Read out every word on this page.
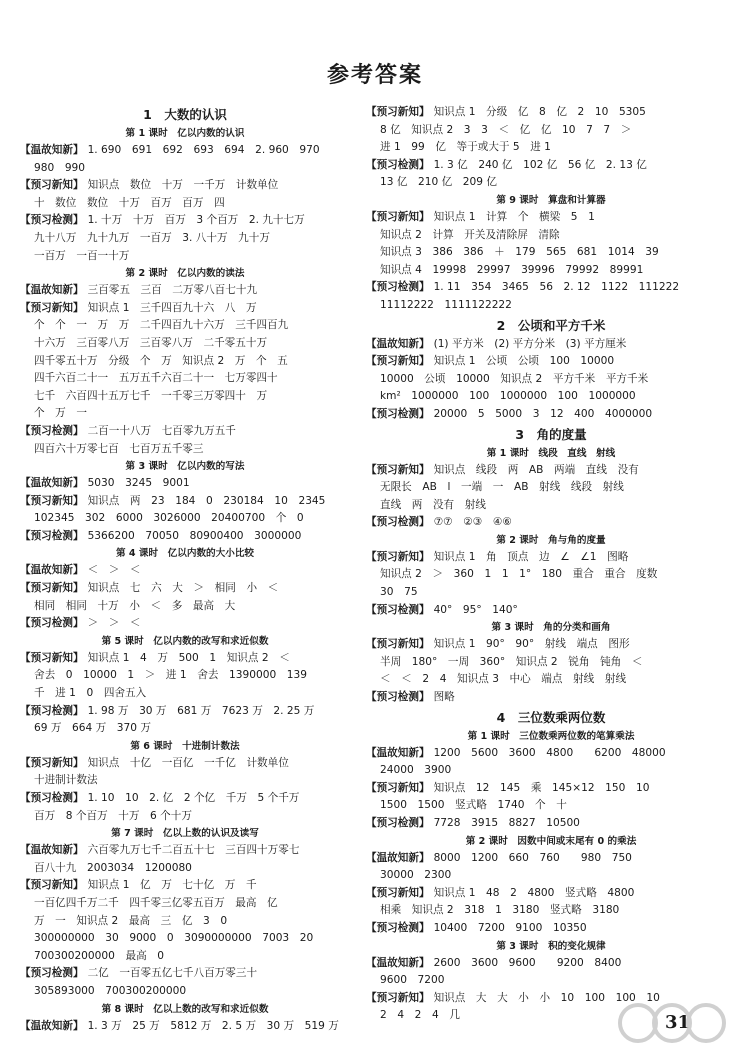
参考答案
1　大数的认识
第 1 课时　亿以内数的认识
【温故知新】 1. 690　691　692　693　694　2. 960　970
980　990
【预习新知】 知识点　数位　十万　一千万　计数单位
十　数位　数位　十万　百万　百万　四
【预习检测】 1. 十万　十万　百万　3 个百万　2. 九十七万
九十八万　九十九万　一百万　3. 八十万　九十万
一百万　一百一十万
第 2 课时　亿以内数的读法
【温故知新】 三百零五　三百　二万零八百七十九
【预习新知】 知识点 1　三千四百九十六　八　万
个　个　一　万　万　二千四百九十六万　三千四百九
十六万　三百零八万　三百零八万　二千零五十万
四千零五十万　分级　个　万　知识点 2　万　个　五
四千六百二十一　五万五千六百二十一　七万零四十
七千　六百四十五万七千　一千零三万零四十　万
个　万　一
【预习检测】 二百一十八万　七百零九万五千
四百六十万零七百　七百万五千零三
第 3 课时　亿以内数的写法
【温故知新】 5030　3245　9001
【预习新知】 知识点　两　23　184　0　230184　10　2345
102345　302　6000　3026000　20400700　个　0
【预习检测】 5366200　70050　80900400　3000000
第 4 课时　亿以内数的大小比较
【温故知新】 ＜　＞　＜
【预习新知】 知识点　七　六　大　＞　相同　小　＜
相同　相同　十万　小　＜　多　最高　大
【预习检测】 ＞　＞　＜
第 5 课时　亿以内数的改写和求近似数
【预习新知】 知识点 1　4　万　500　1　知识点 2　＜
舍去　0　10000　1　＞　进 1　舍去　1390000　139
千　进 1　0　四舍五入
【预习检测】 1. 98 万　30 万　681 万　7623 万　2. 25 万
69 万　664 万　370 万
第 6 课时　十进制计数法
【预习新知】 知识点　十亿　一百亿　一千亿　计数单位
十进制计数法
【预习检测】 1. 10　10　2. 亿　2 个亿　千万　5 个千万
百万　8 个百万　十万　6 个十万
第 7 课时　亿以上数的认识及读写
【温故知新】 六百零九万七千二百五十七　三百四十万零七
百八十九　2003034　1200080
【预习新知】 知识点 1　亿　万　七十亿　万　千
一百亿四千万二千　四千零三亿零五百万　最高　亿
万　一　知识点 2　最高　三　亿　3　0
300000000　30　9000　0　3090000000　7003　20
700300200000　最高　0
【预习检测】 二亿　一百零五亿七千八百万零三十
305893000　700300200000
第 8 课时　亿以上数的改写和求近似数
【温故知新】 1. 3 万　25 万　5812 万　2. 5 万　30 万　519 万
【预习新知】 知识点 1　分级　亿　8　亿　2　10　5305
8 亿　知识点 2　3　3　＜　亿　亿　10　7　7　＞
进 1　99　亿　等于或大于 5　进 1
【预习检测】 1. 3 亿　240 亿　102 亿　56 亿　2. 13 亿
13 亿　210 亿　209 亿
第 9 课时　算盘和计算器
【预习新知】 知识点 1　计算　个　横梁　5　1
知识点 2　计算　开关及清除屏　清除
知识点 3　386　386　＋　179　565　681　1014　39
知识点 4　19998　29997　39996　79992　89991
【预习检测】 1. 11　354　3465　56　2. 12　1122　111222
11112222　1111122222
2　公顷和平方千米
【温故知新】 (1) 平方米　(2) 平方分米　(3) 平方厘米
【预习新知】 知识点 1　公顷　公顷　100　10000
10000　公顷　10000　知识点 2　平方千米　平方千米
km²　1000000　100　1000000　100　1000000
【预习检测】 20000　5　5000　3　12　400　4000000
3　角的度量
第 1 课时　线段　直线　射线
【预习新知】 知识点　线段　两　AB　两端　直线　没有
无限长　AB　l　一端　一　AB　射线　线段　射线
直线　两　没有　射线
【预习检测】 ⑦⑦　②③　④⑥
第 2 课时　角与角的度量
【预习新知】 知识点 1　角　顶点　边　∠　∠1　图略
知识点 2　＞　360　1　1　1°　180　重合　重合　度数
30　75
【预习检测】 40°　95°　140°
第 3 课时　角的分类和画角
【预习新知】 知识点 1　90°　90°　射线　端点　图形
半周　180°　一周　360°　知识点 2　锐角　钝角　＜
＜　＜　2　4　知识点 3　中心　端点　射线　射线
【预习检测】 图略
4　三位数乘两位数
第 1 课时　三位数乘两位数的笔算乘法
【温故知新】 1200　5600　3600　4800　　6200　48000
24000　3900
【预习新知】 知识点　12　145　乘　145×12　150　10
1500　1500　竖式略　1740　个　十
【预习检测】 7728　3915　8827　10500
第 2 课时　因数中间或末尾有 0 的乘法
【温故知新】 8000　1200　660　760　　980　750
30000　2300
【预习新知】 知识点 1　48　2　4800　竖式略　4800
相乘　知识点 2　318　1　3180　竖式略　3180
【预习检测】 10400　7200　9100　10350
第 3 课时　积的变化规律
【温故知新】 2600　3600　9600　　9200　8400
9600　7200
【预习新知】 知识点　大　大　小　小　10　100　100　10
2　4　2　4　几	31
